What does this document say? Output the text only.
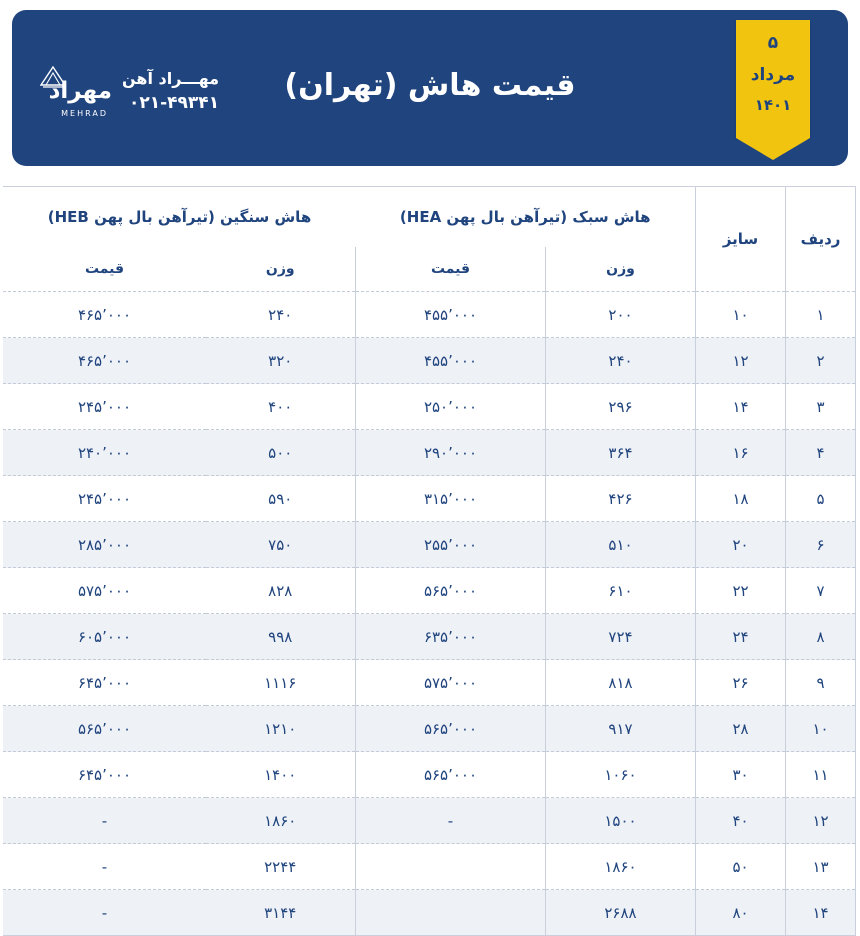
قیمت هاش (تهران)
۵
مرداد
۱۴۰۱
مهـــراد آهن
۰۲۱-۴۹۳۴۱
مهراد
MEHRAD
ردیف	سایز	هاش سبک (تیرآهن بال پهن HEA)		هاش سنگین (تیرآهن بال پهن HEB)	
		وزن	قیمت	وزن	قیمت
۱	۱۰	۲۰۰	۴۵۵٬۰۰۰	۲۴۰	۴۶۵٬۰۰۰
۲	۱۲	۲۴۰	۴۵۵٬۰۰۰	۳۲۰	۴۶۵٬۰۰۰
۳	۱۴	۲۹۶	۲۵۰٬۰۰۰	۴۰۰	۲۴۵٬۰۰۰
۴	۱۶	۳۶۴	۲۹۰٬۰۰۰	۵۰۰	۲۴۰٬۰۰۰
۵	۱۸	۴۲۶	۳۱۵٬۰۰۰	۵۹۰	۲۴۵٬۰۰۰
۶	۲۰	۵۱۰	۲۵۵٬۰۰۰	۷۵۰	۲۸۵٬۰۰۰
۷	۲۲	۶۱۰	۵۶۵٬۰۰۰	۸۲۸	۵۷۵٬۰۰۰
۸	۲۴	۷۲۴	۶۳۵٬۰۰۰	۹۹۸	۶۰۵٬۰۰۰
۹	۲۶	۸۱۸	۵۷۵٬۰۰۰	۱۱۱۶	۶۴۵٬۰۰۰
۱۰	۲۸	۹۱۷	۵۶۵٬۰۰۰	۱۲۱۰	۵۶۵٬۰۰۰
۱۱	۳۰	۱۰۶۰	۵۶۵٬۰۰۰	۱۴۰۰	۶۴۵٬۰۰۰
۱۲	۴۰	۱۵۰۰	-	۱۸۶۰	-
۱۳	۵۰	۱۸۶۰		۲۲۴۴	-
۱۴	۸۰	۲۶۸۸		۳۱۴۴	-
